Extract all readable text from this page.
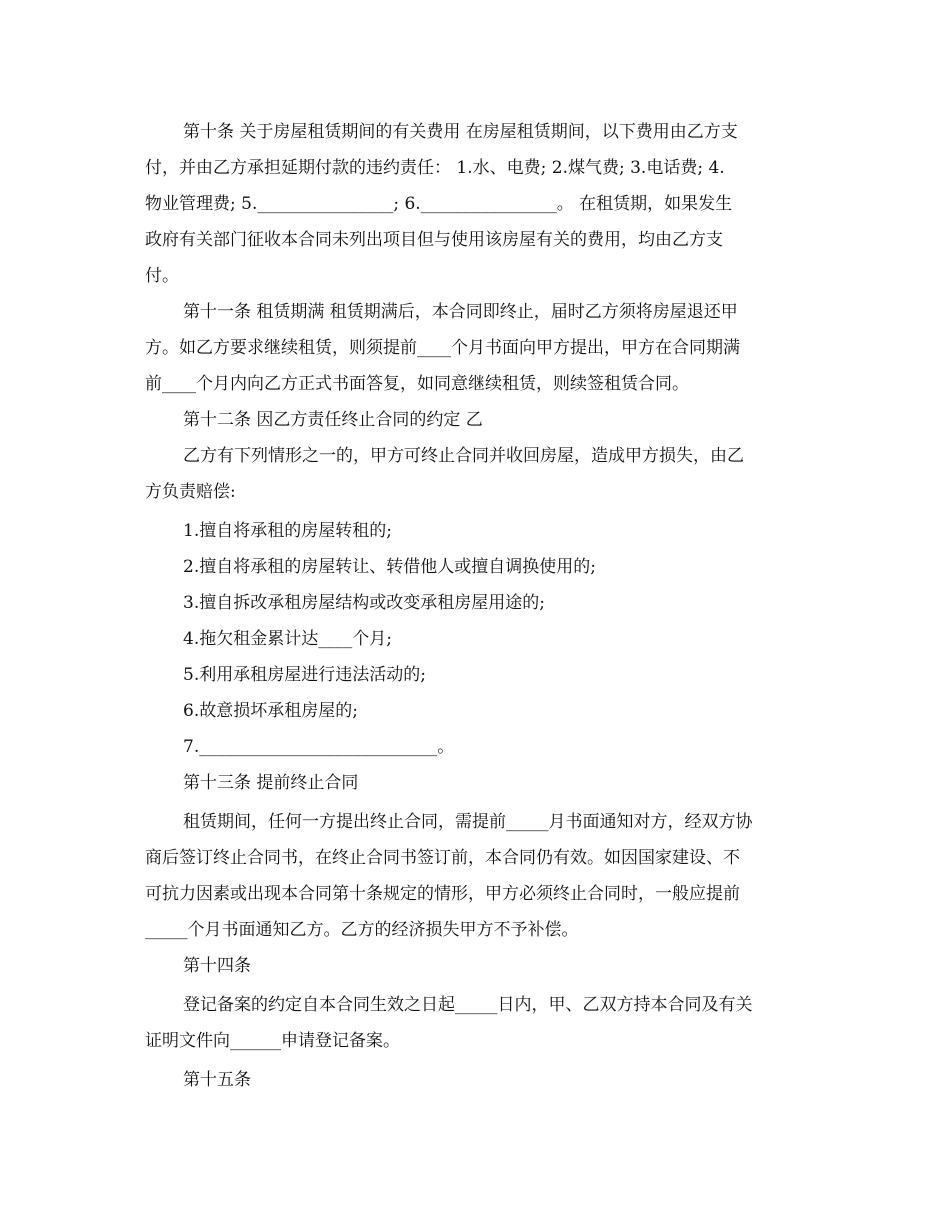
第十条 关于房屋租赁期间的有关费用 在房屋租赁期间，以下费用由乙方支
付，并由乙方承担延期付款的违约责任： 1.水、电费; 2.煤气费; 3.电话费; 4.
物业管理费; 5.________________; 6.________________。 在租赁期，如果发生
政府有关部门征收本合同未列出项目但与使用该房屋有关的费用，均由乙方支
付。
第十一条 租赁期满 租赁期满后，本合同即终止，届时乙方须将房屋退还甲
方。如乙方要求继续租赁，则须提前____个月书面向甲方提出，甲方在合同期满
前____个月内向乙方正式书面答复，如同意继续租赁，则续签租赁合同。
第十二条 因乙方责任终止合同的约定 乙
乙方有下列情形之一的，甲方可终止合同并收回房屋，造成甲方损失，由乙
方负责赔偿:
1.擅自将承租的房屋转租的;
2.擅自将承租的房屋转让、转借他人或擅自调换使用的;
3.擅自拆改承租房屋结构或改变承租房屋用途的;
4.拖欠租金累计达____个月;
5.利用承租房屋进行违法活动的;
6.故意损坏承租房屋的;
7.____________________________。
第十三条 提前终止合同
租赁期间，任何一方提出终止合同，需提前_____月书面通知对方，经双方协
商后签订终止合同书，在终止合同书签订前，本合同仍有效。如因国家建设、不
可抗力因素或出现本合同第十条规定的情形，甲方必须终止合同时，一般应提前
_____个月书面通知乙方。乙方的经济损失甲方不予补偿。
第十四条
登记备案的约定自本合同生效之日起_____日内，甲、乙双方持本合同及有关
证明文件向______申请登记备案。
第十五条
